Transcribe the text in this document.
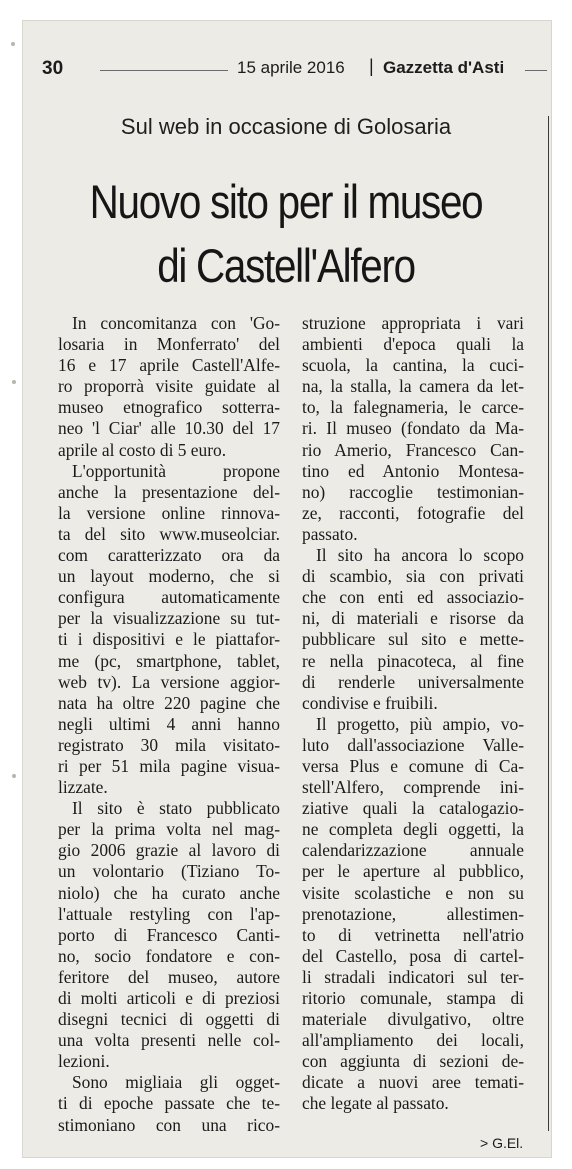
30	15 aprile 2016 | Gazzetta d'Asti
Sul web in occasione di Golosaria
Nuovo sito per il museo
di Castell'Alfero
In concomitanza con 'Go-
losaria in Monferrato' del
16 e 17 aprile Castell'Alfe-
ro proporrà visite guidate al
museo etnografico sotterra-
neo 'l Ciar' alle 10.30 del 17
aprile al costo di 5 euro.
L'opportunità propone
anche la presentazione del-
la versione online rinnova-
ta del sito www.museolciar.
com caratterizzato ora da
un layout moderno, che si
configura automaticamente
per la visualizzazione su tut-
ti i dispositivi e le piattafor-
me (pc, smartphone, tablet,
web tv). La versione aggior-
nata ha oltre 220 pagine che
negli ultimi 4 anni hanno
registrato 30 mila visitato-
ri per 51 mila pagine visua-
lizzate.
Il sito è stato pubblicato
per la prima volta nel mag-
gio 2006 grazie al lavoro di
un volontario (Tiziano To-
niolo) che ha curato anche
l'attuale restyling con l'ap-
porto di Francesco Canti-
no, socio fondatore e con-
feritore del museo, autore
di molti articoli e di preziosi
disegni tecnici di oggetti di
una volta presenti nelle col-
lezioni.
Sono migliaia gli ogget-
ti di epoche passate che te-
stimoniano con una rico-
struzione appropriata i vari
ambienti d'epoca quali la
scuola, la cantina, la cuci-
na, la stalla, la camera da let-
to, la falegnameria, le carce-
ri. Il museo (fondato da Ma-
rio Amerio, Francesco Can-
tino ed Antonio Montesa-
no) raccoglie testimonian-
ze, racconti, fotografie del
passato.
Il sito ha ancora lo scopo
di scambio, sia con privati
che con enti ed associazio-
ni, di materiali e risorse da
pubblicare sul sito e mette-
re nella pinacoteca, al fine
di renderle universalmente
condivise e fruibili.
Il progetto, più ampio, vo-
luto dall'associazione Valle-
versa Plus e comune di Ca-
stell'Alfero, comprende ini-
ziative quali la catalogazio-
ne completa degli oggetti, la
calendarizzazione annuale
per le aperture al pubblico,
visite scolastiche e non su
prenotazione, allestimen-
to di vetrinetta nell'atrio
del Castello, posa di cartel-
li stradali indicatori sul ter-
ritorio comunale, stampa di
materiale divulgativo, oltre
all'ampliamento dei locali,
con aggiunta di sezioni de-
dicate a nuovi aree temati-
che legate al passato.
> G.El.
